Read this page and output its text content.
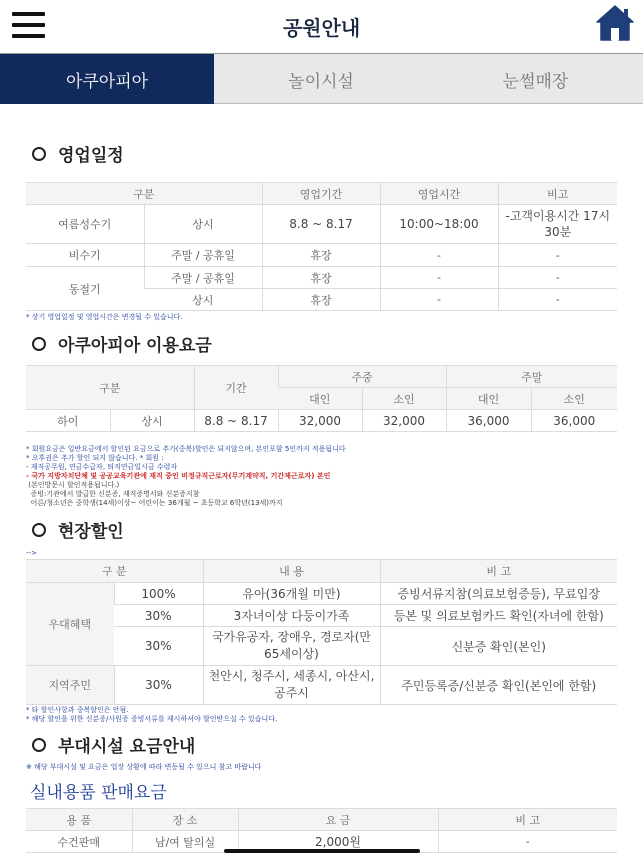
공원안내
아쿠아피아	놀이시설	눈썰매장
영업일정
구분		영업기간	영업시간	비고
여름성수기	상시	8.8 ~ 8.17	10:00~18:00	-고객이용시간 17시 30분
비수기	주말 / 공휴일	휴장	-	-
동절기	주말 / 공휴일	휴장	-	-
	상시	휴장	-	-
* 상기 영업일정 및 영업시간은 변경될 수 있습니다.
아쿠아피아 이용요금
구분		기간	주중		주말	
			대인	소인	대인	소인
하이	상시	8.8 ~ 8.17	32,000	32,000	36,000	36,000
* 회원요금은 일반요금에서 할인된 요금으로 추가(중복)할인은 되지않으며, 본인포함 5인까지 적용됩니다
* 오후권은 추가 할인 되지 않습니다. * 회원 :
- 재직공무원, 연금수급자, 퇴직연금일시금 수령자
- 국가 지방자치단체 및 공공교육기관에 재직 중인 비정규직근로자(무기계약직, 기간제근로자) 본인
(본인방문시 할인적용됩니다.)
증빙:기관에서 발급한 신분증, 재직증명서와 신분증지참
어른/청소년은 중학생(14세)이상~ 어린이는 36개월 ~ 초등학교 6학년(13세)까지
현장할인
-->
구 분		내 용	비 고
우대혜택	100%	유아(36개월 미만)	증빙서류지참(의료보험증등), 무료입장
	30%	3자녀이상 다둥이가족	등본 및 의료보험카드 확인(자녀에 한함)
	30%	국가유공자, 장애우, 경로자(만65세이상)	신분증 확인(본인)
지역주민	30%	천안시, 청주시, 세종시, 아산시, 공주시	주민등록증/신분증 확인(본인에 한함)
* 타 할인사항과 중복할인은 안됨.
* 해당 할인을 위한 신분증/사원증 증빙서류를 제시하셔야 할인받으실 수 있습니다.
부대시설 요금안내
※ 해당 부대시설 및 요금은 업장 상황에 따라 변동될 수 있으니 참고 바랍니다
실내용품 판매요금
용 품	장 소	요 금	비 고
수건판매	남/여 탈의실	2,000원	-
